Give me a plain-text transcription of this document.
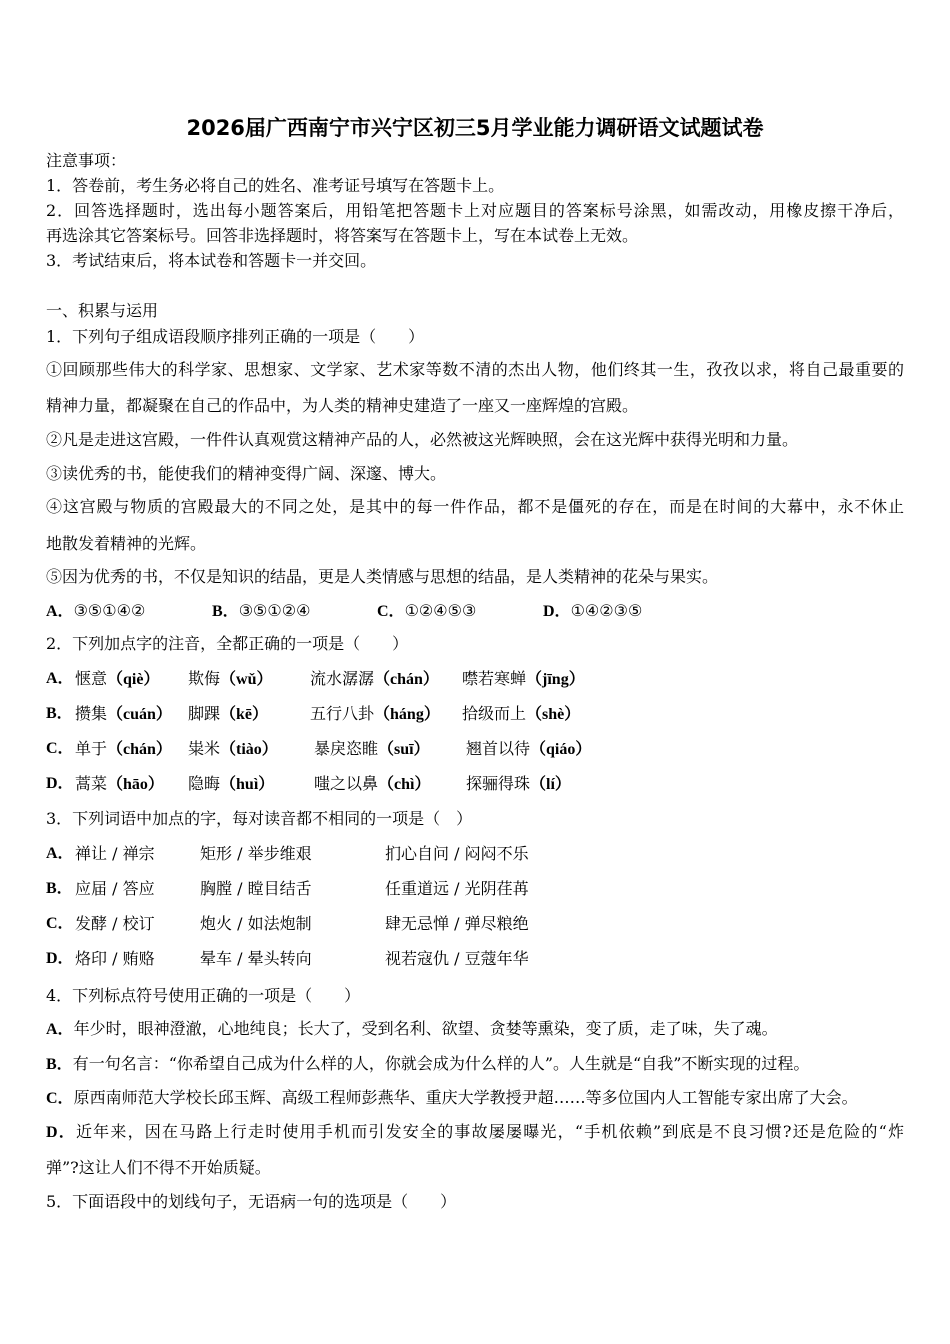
2026届广西南宁市兴宁区初三5月学业能力调研语文试题试卷
注意事项：
1．答卷前，考生务必将自己的姓名、准考证号填写在答题卡上。
2．回答选择题时，选出每小题答案后，用铅笔把答题卡上对应题目的答案标号涂黑，如需改动，用橡皮擦干净后，
再选涂其它答案标号。回答非选择题时，将答案写在答题卡上，写在本试卷上无效。
3．考试结束后，将本试卷和答题卡一并交回。
一、积累与运用
1．下列句子组成语段顺序排列正确的一项是（　　）
①回顾那些伟大的科学家、思想家、文学家、艺术家等数不清的杰出人物，他们终其一生，孜孜以求，将自己最重要的
精神力量，都凝聚在自己的作品中，为人类的精神史建造了一座又一座辉煌的宫殿。
②凡是走进这宫殿，一件件认真观赏这精神产品的人，必然被这光辉映照，会在这光辉中获得光明和力量。
③读优秀的书，能使我们的精神变得广阔、深邃、博大。
④这宫殿与物质的宫殿最大的不同之处，是其中的每一件作品，都不是僵死的存在，而是在时间的大幕中，永不休止
地散发着精神的光辉。
⑤因为优秀的书，不仅是知识的结晶，更是人类情感与思想的结晶，是人类精神的花朵与果实。
A．③⑤①④②	B．③⑤①②④	C．①②④⑤③	D．①④②③⑤
2．下列加点字的注音，全都正确的一项是（　　）
A． 惬意（qiè） 欺侮（wǔ） 流水潺潺（chán） 噤若寒蝉（jīng）
B． 攒集（cuán） 脚踝（kē）	五行八卦（háng） 拾级而上（shè）
C． 单于（chán） 粜米（tiào） 暴戾恣睢（suī） 翘首以待（qiáo）
D． 蒿菜（hāo） 隐晦（huì） 嗤之以鼻（chì） 探骊得珠（lí）
3．下列词语中加点的字，每对读音都不相同的一项是（　）
A． 禅让 / 禅宗	矩形 / 举步维艰	扪心自问 / 闷闷不乐
B． 应届 / 答应	胸膛 / 瞠目结舌	任重道远 / 光阴荏苒
C． 发酵 / 校订	炮火 / 如法炮制	肆无忌惮 / 弹尽粮绝
D． 烙印 / 贿赂	晕车 / 晕头转向	视若寇仇 / 豆蔻年华
4．下列标点符号使用正确的一项是（　　）
A．年少时，眼神澄澈，心地纯良；长大了，受到名利、欲望、贪婪等熏染，变了质，走了味，失了魂。
B．有一句名言：“你希望自己成为什么样的人，你就会成为什么样的人”。人生就是“自我”不断实现的过程。
C．原西南师范大学校长邱玉辉、高级工程师彭燕华、重庆大学教授尹超……等多位国内人工智能专家出席了大会。
D．近年来，因在马路上行走时使用手机而引发安全的事故屡屡曝光，“手机依赖”到底是不良习惯?还是危险的“炸
弹”?这让人们不得不开始质疑。
5．下面语段中的划线句子，无语病一句的选项是（　　）
